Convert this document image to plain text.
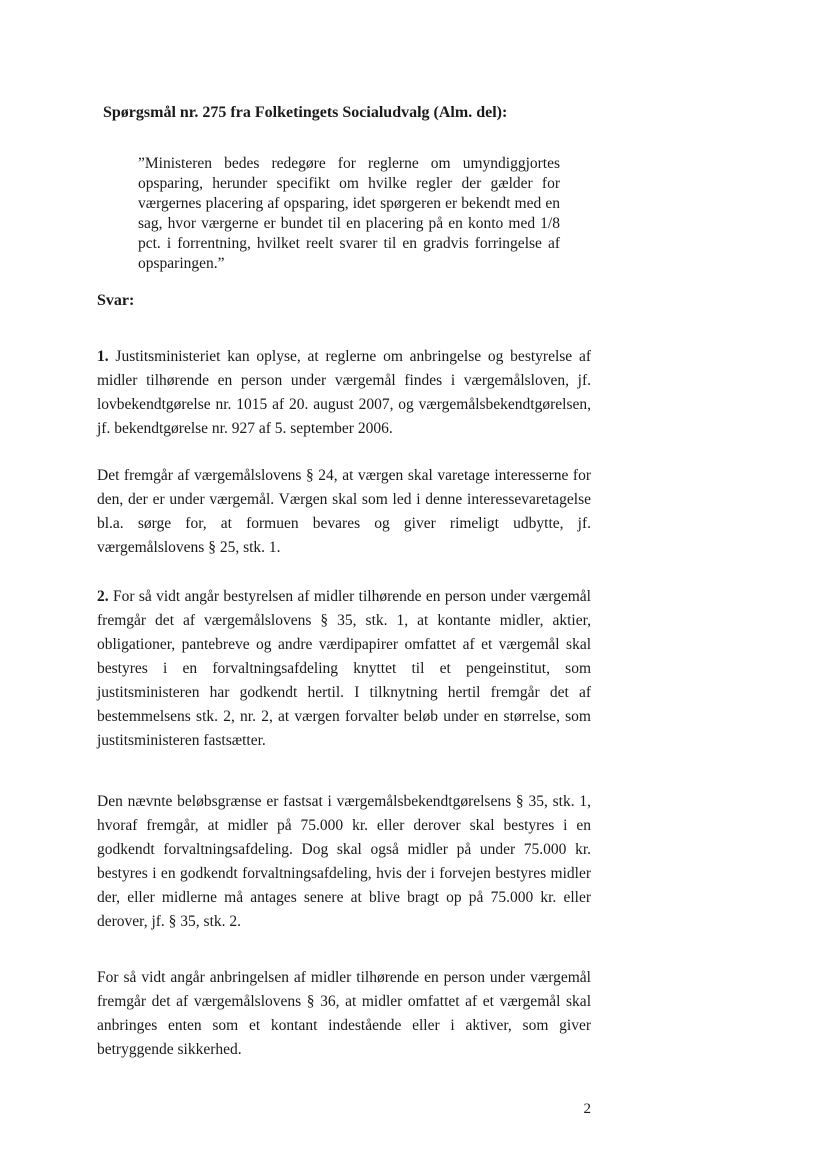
Spørgsmål nr. 275 fra Folketingets Socialudvalg (Alm. del):

”Ministeren bedes redegøre for reglerne om umyndiggjortes opsparing, herunder specifikt om hvilke regler der gælder for værgernes placering af opsparing, idet spørgeren er bekendt med en sag, hvor værgerne er bundet til en placering på en konto med 1/8 pct. i forrentning, hvilket reelt svarer til en gradvis forringelse af opsparingen.”

Svar:

1. Justitsministeriet kan oplyse, at reglerne om anbringelse og bestyrelse af midler tilhørende en person under værgemål findes i værgemålsloven, jf. lovbekendtgørelse nr. 1015 af 20. august 2007, og værgemålsbekendtgørelsen, jf. bekendtgørelse nr. 927 af 5. september 2006.

Det fremgår af værgemålslovens § 24, at værgen skal varetage interesserne for den, der er under værgemål. Værgen skal som led i denne interessevaretagelse bl.a. sørge for, at formuen bevares og giver rimeligt udbytte, jf. værgemålslovens § 25, stk. 1.

2. For så vidt angår bestyrelsen af midler tilhørende en person under værgemål fremgår det af værgemålslovens § 35, stk. 1, at kontante midler, aktier, obligationer, pantebreve og andre værdipapirer omfattet af et værgemål skal bestyres i en forvaltningsafdeling knyttet til et pengeinstitut, som justitsministeren har godkendt hertil. I tilknytning hertil fremgår det af bestemmelsens stk. 2, nr. 2, at værgen forvalter beløb under en størrelse, som justitsministeren fastsætter.

Den nævnte beløbsgrænse er fastsat i værgemålsbekendtgørelsens § 35, stk. 1, hvoraf fremgår, at midler på 75.000 kr. eller derover skal bestyres i en godkendt forvaltningsafdeling. Dog skal også midler på under 75.000 kr. bestyres i en godkendt forvaltningsafdeling, hvis der i forvejen bestyres midler der, eller midlerne må antages senere at blive bragt op på 75.000 kr. eller derover, jf. § 35, stk. 2.

For så vidt angår anbringelsen af midler tilhørende en person under værgemål fremgår det af værgemålslovens § 36, at midler omfattet af et værgemål skal anbringes enten som et kontant indestående eller i aktiver, som giver betryggende sikkerhed.

2
